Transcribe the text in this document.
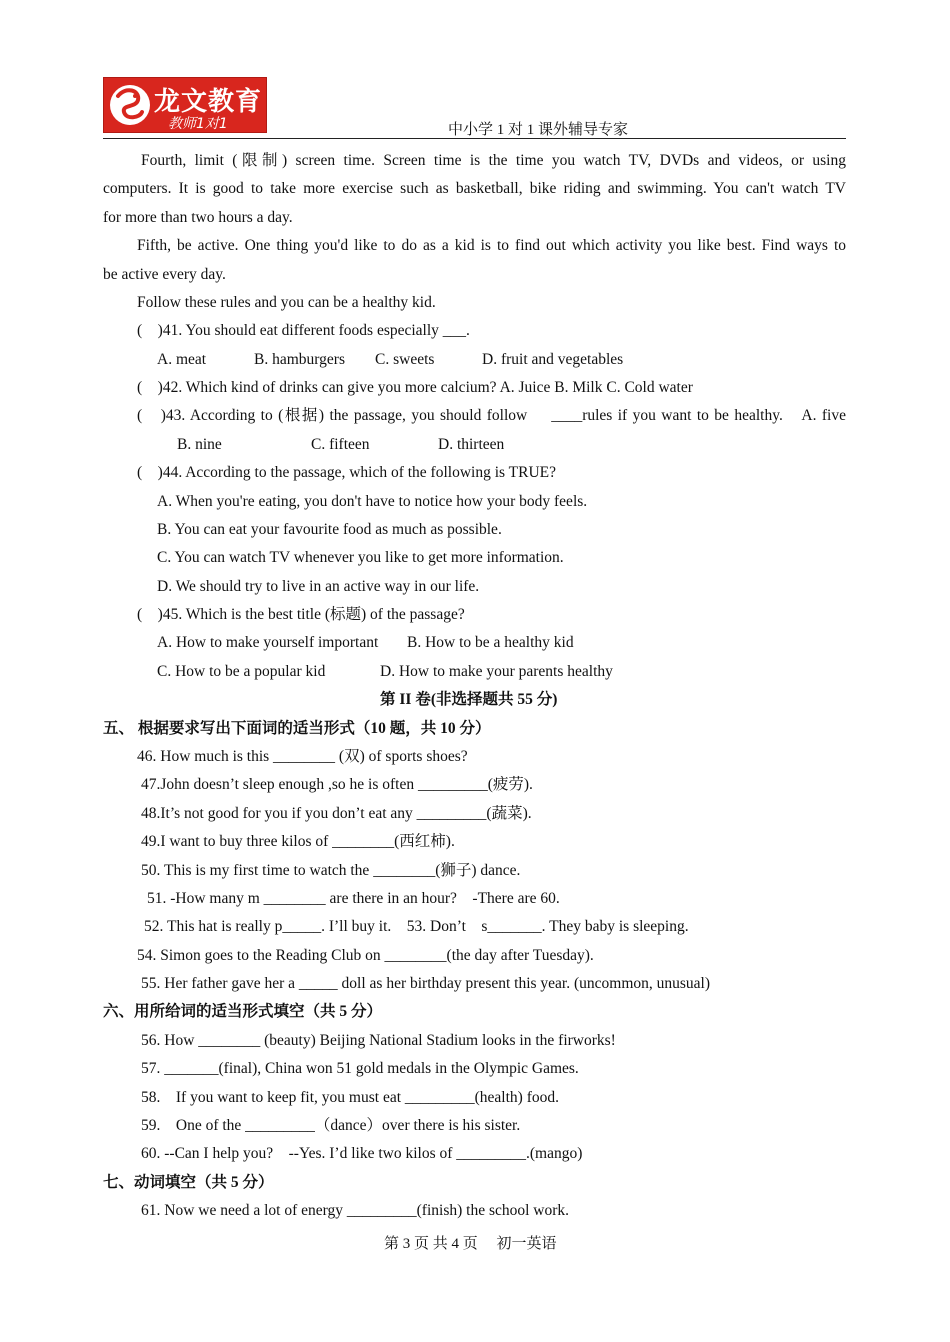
龙文教育
教师1对1	中小学 1 对 1 课外辅导专家
Fourth, limit (限制) screen time. Screen time is the time you watch TV, DVDs and videos, or using
computers. It is good to take more exercise such as basketball, bike riding and swimming. You can't watch TV
for more than two hours a day.
Fifth, be active. One thing you'd like to do as a kid is to find out which activity you like best. Find ways to
be active every day.
Follow these rules and you can be a healthy kid.
(　)41. You should eat different foods especially ___.
A. meat	B. hamburgers C. sweets	D. fruit and vegetables
(　)42. Which kind of drinks can give you more calcium? A. Juice B. Milk C. Cold water
(　)43. According to (根据) the passage, you should follow　 ____rules if you want to be healthy.　A. five
B. nine	C. fifteen	D. thirteen
(　)44. According to the passage, which of the following is TRUE?
A. When you're eating, you don't have to notice how your body feels.
B. You can eat your favourite food as much as possible.
C. You can watch TV whenever you like to get more information.
D. We should try to live in an active way in our life.
(　)45. Which is the best title (标题) of the passage?
A. How to make yourself important B. How to be a healthy kid
C. How to be a popular kid	D. How to make your parents healthy
第 II 卷(非选择题共 55 分)
五、 根据要求写出下面词的适当形式（10 题，共 10 分）
46. How much is this ________ (双) of sports shoes?
47.John doesn’t sleep enough ,so he is often _________(疲劳).
48.It’s not good for you if you don’t eat any _________(蔬菜).
49.I want to buy three kilos of ________(西红柿).
50. This is my first time to watch the ________(狮子) dance.
51. -How many m ________ are there in an hour?　-There are 60.
52. This hat is really p_____. I’ll buy it.　53. Don’t　s_______. They baby is sleeping.
54. Simon goes to the Reading Club on ________(the day after Tuesday).
55. Her father gave her a _____ doll as her birthday present this year. (uncommon, unusual)
六、用所给词的适当形式填空（共 5 分）
56. How ________ (beauty) Beijing National Stadium looks in the firworks!
57. _______(final), China won 51 gold medals in the Olympic Games.
58.　If you want to keep fit, you must eat _________(health) food.
59.　One of the _________（dance）over there is his sister.
60. --Can I help you?　--Yes. I’d like two kilos of _________.(mango)
七、动词填空（共 5 分）
61. Now we need a lot of energy _________(finish) the school work.
第 3 页 共 4 页　 初一英语
